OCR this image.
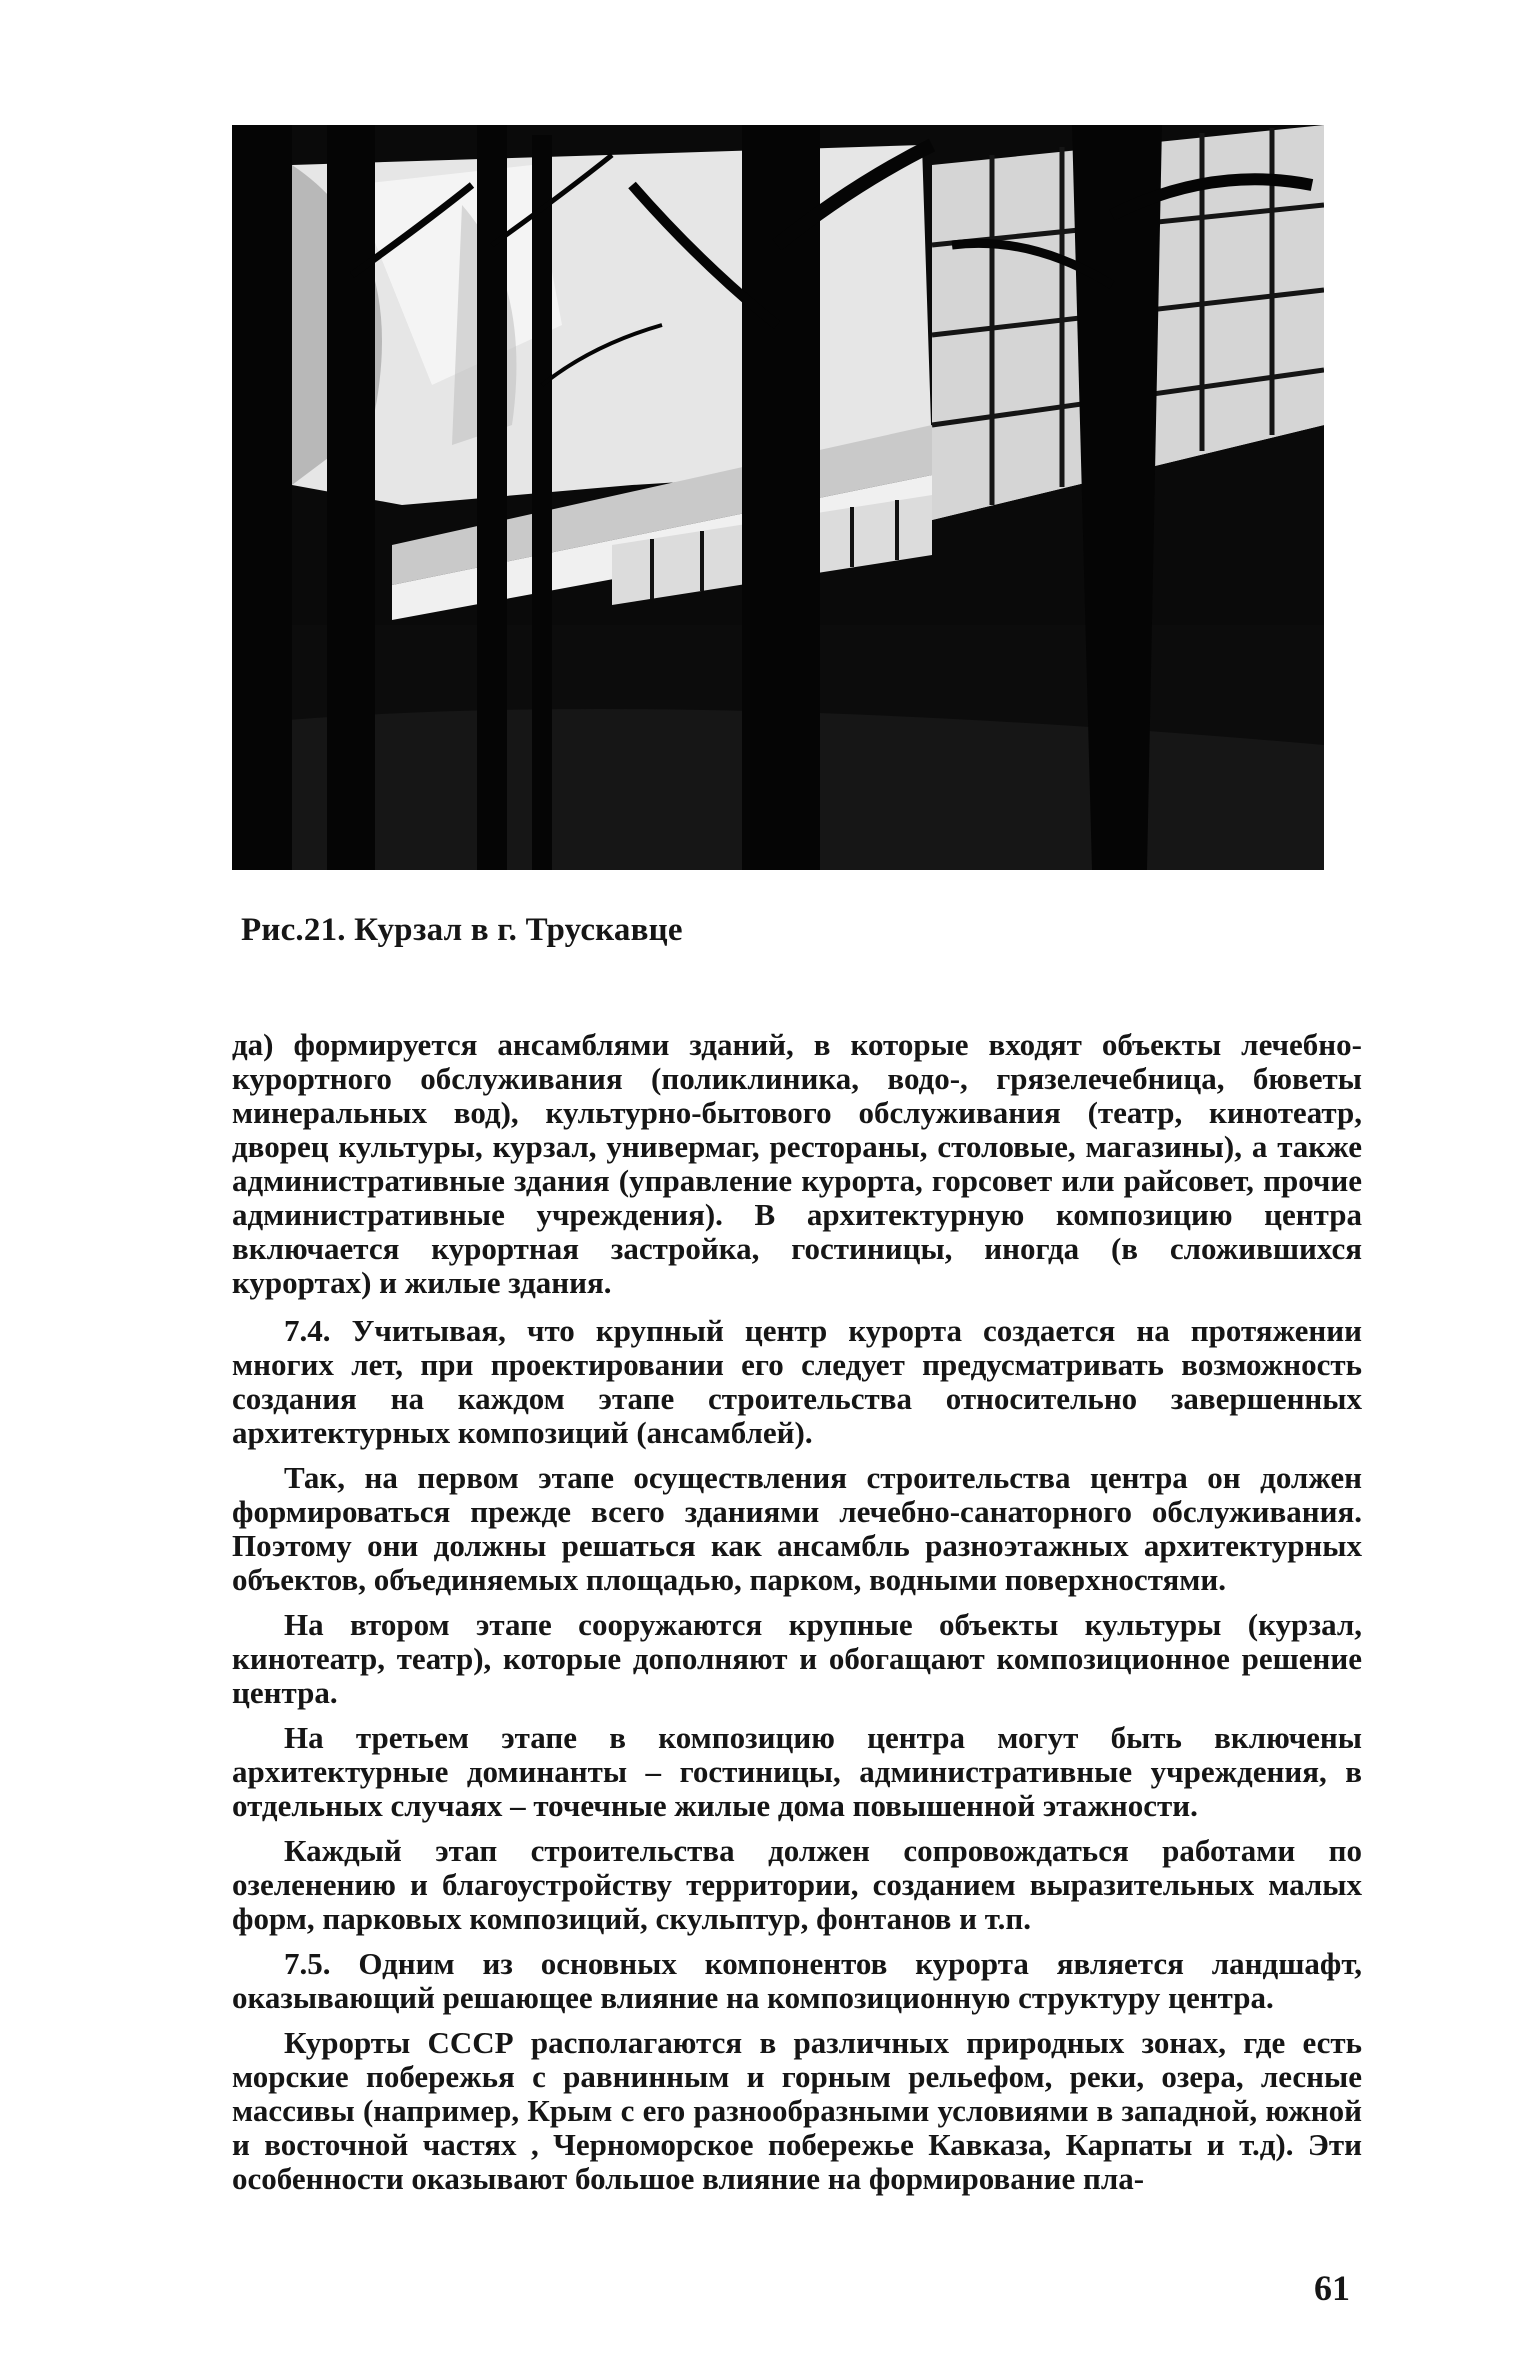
Рис.21. Курзал в г. Трускавце

да) формируется ансамблями зданий, в которые входят объекты лечебно-курортного обслуживания (поликлиника, водо-, грязелечебница, бюветы минеральных вод), культурно-бытового обслуживания (театр, кинотеатр, дворец культуры, курзал, универмаг, рестораны, столовые, магазины), а также административные здания (управление курорта, горсовет или райсовет, прочие административные учреждения). В архитектурную композицию центра включается курортная застройка, гостиницы, иногда (в сложившихся курортах) и жилые здания.

7.4. Учитывая, что крупный центр курорта создается на протяжении многих лет, при проектировании его следует предусматривать возможность создания на каждом этапе строительства относительно завершенных архитектурных композиций (ансамблей).

Так, на первом этапе осуществления строительства центра он должен формироваться прежде всего зданиями лечебно-санаторного обслуживания. Поэтому они должны решаться как ансамбль разноэтажных архитектурных объектов, объединяемых площадью, парком, водными поверхностями.

На втором этапе сооружаются крупные объекты культуры (курзал, кинотеатр, театр), которые дополняют и обогащают композиционное решение центра.

На третьем этапе в композицию центра могут быть включены архитектурные доминанты – гостиницы, административные учреждения, в отдельных случаях – точечные жилые дома повышенной этажности.

Каждый этап строительства должен сопровождаться работами по озеленению и благоустройству территории, созданием выразительных малых форм, парковых композиций, скульптур, фонтанов и т.п.

7.5. Одним из основных компонентов курорта является ландшафт, оказывающий решающее влияние на композиционную структуру центра.

Курорты СССР располагаются в различных природных зонах, где есть морские побережья с равнинным и горным рельефом, реки, озера, лесные массивы (например, Крым с его разнообразными условиями в западной, южной и восточной частях , Черноморское побережье Кавказа, Карпаты и т.д). Эти особенности оказывают большое влияние на формирование пла-

61
